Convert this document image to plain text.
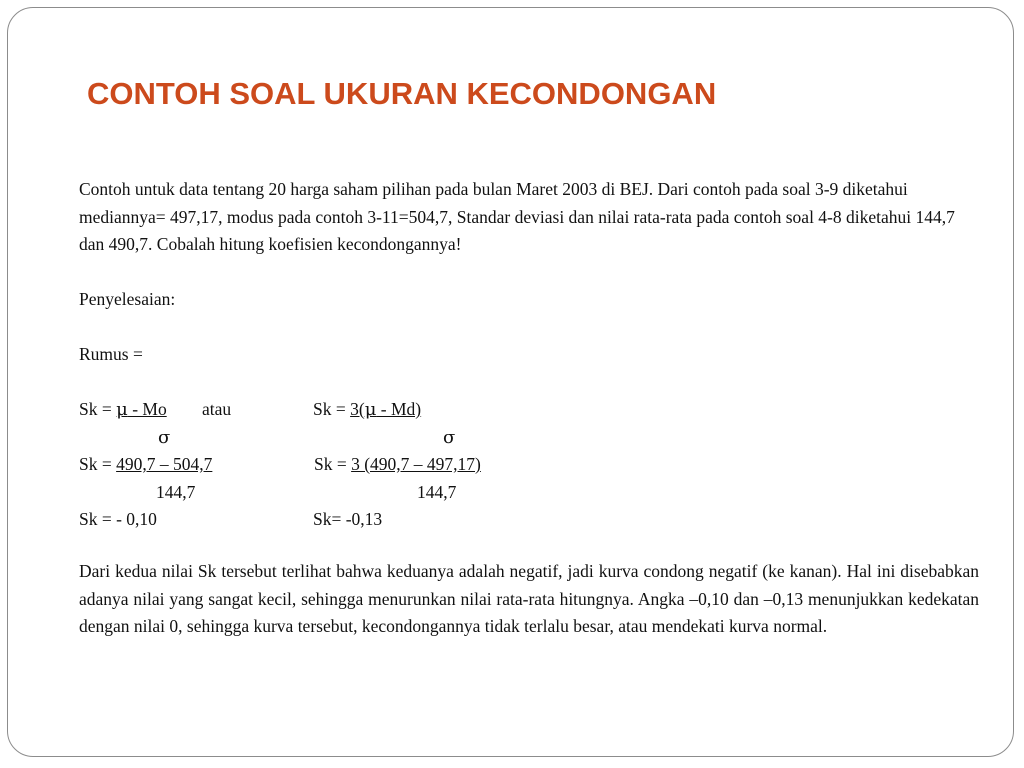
CONTOH SOAL UKURAN KECONDONGAN

Contoh untuk data tentang 20 harga saham pilihan pada bulan Maret 2003 di BEJ. Dari contoh pada soal 3-9 diketahui mediannya= 497,17, modus pada contoh 3-11=504,7, Standar deviasi dan nilai rata-rata pada contoh soal 4-8 diketahui 144,7 dan 490,7. Cobalah hitung koefisien kecondongannya!

Penyelesaian:

Rumus =

Sk = μ - Mo atau

σ

Sk = 3(μ - Md)

σ

Sk = 490,7 – 504,7

144,7

Sk = - 0,10

Sk = 3 (490,7 – 497,17)

144,7

Sk= -0,13

Dari kedua nilai Sk tersebut terlihat bahwa keduanya adalah negatif, jadi kurva condong negatif (ke kanan). Hal ini disebabkan adanya nilai yang sangat kecil, sehingga menurunkan nilai rata-rata hitungnya. Angka –0,10 dan –0,13 menunjukkan kedekatan dengan nilai 0, sehingga kurva tersebut, kecondongannya tidak terlalu besar, atau mendekati kurva normal.
